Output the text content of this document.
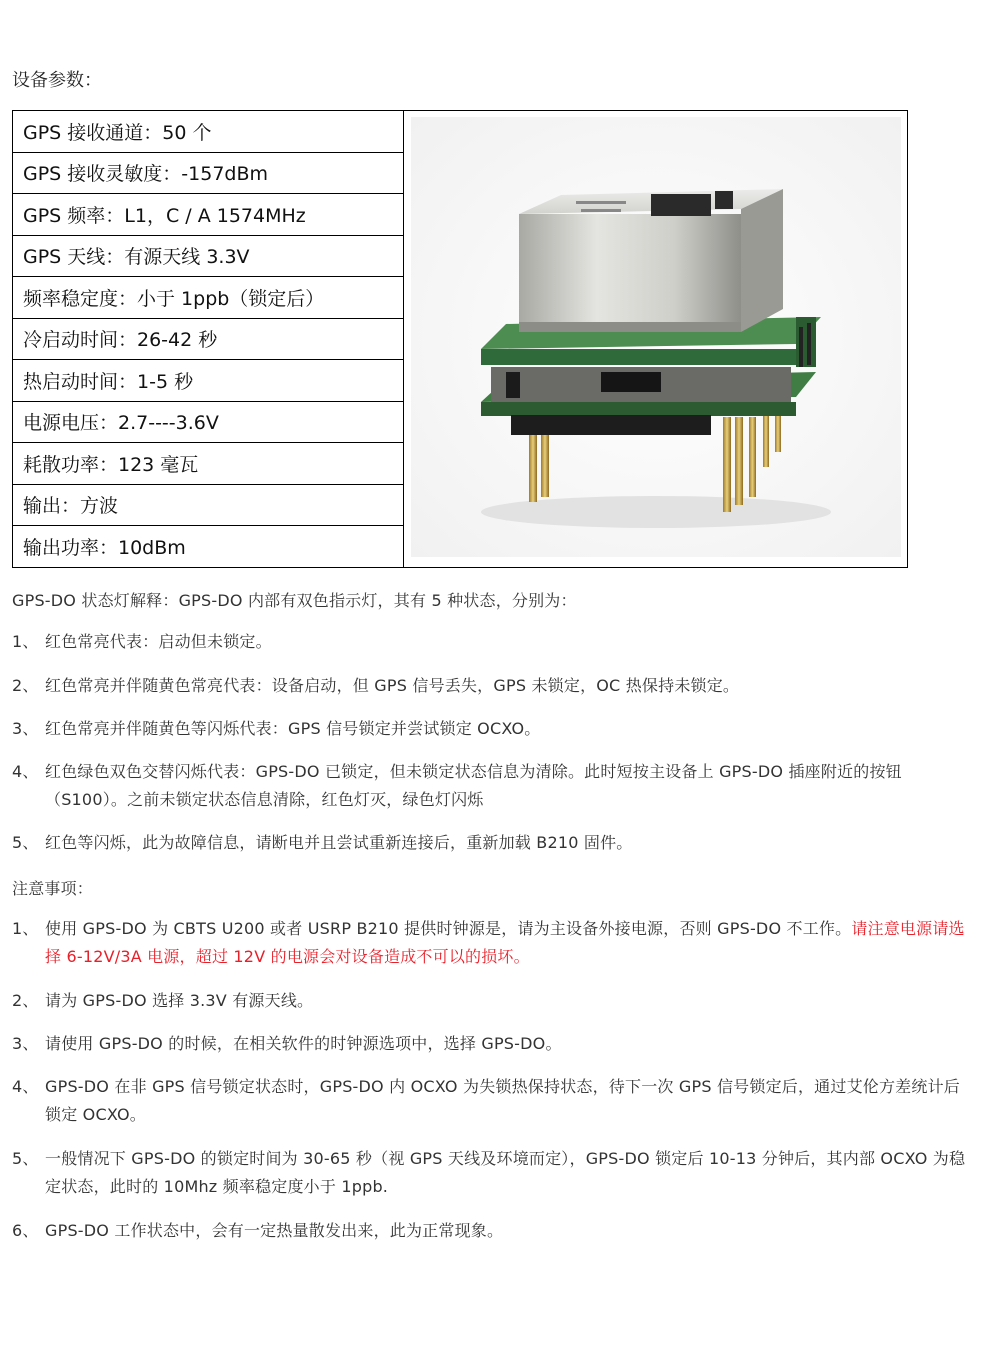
设备参数：
GPS 接收通道：50 个	
GPS 接收灵敏度：-157dBm
GPS 频率：L1，C / A 1574MHz
GPS 天线：有源天线 3.3V
频率稳定度：小于 1ppb（锁定后）
冷启动时间：26-42 秒
热启动时间：1-5 秒
电源电压：2.7----3.6V
耗散功率：123 毫瓦
输出：方波
输出功率：10dBm
GPS-DO 状态灯解释：GPS-DO 内部有双色指示灯，其有 5 种状态，分别为：
1、 红色常亮代表：启动但未锁定。
2、 红色常亮并伴随黄色常亮代表：设备启动，但 GPS 信号丢失，GPS 未锁定，OC 热保持未锁定。
3、 红色常亮并伴随黄色等闪烁代表：GPS 信号锁定并尝试锁定 OCXO。
4、 红色绿色双色交替闪烁代表：GPS-DO 已锁定，但未锁定状态信息为清除。此时短按主设备上 GPS-DO 插座附近的按钮（S100）。之前未锁定状态信息清除，红色灯灭，绿色灯闪烁
5、 红色等闪烁，此为故障信息，请断电并且尝试重新连接后，重新加载 B210 固件。
注意事项：
1、 使用 GPS-DO 为 CBTS U200 或者 USRP B210 提供时钟源是，请为主设备外接电源，否则 GPS-DO 不工作。请注意电源请选择 6-12V/3A 电源，超过 12V 的电源会对设备造成不可以的损坏。
2、 请为 GPS-DO 选择 3.3V 有源天线。
3、 请使用 GPS-DO 的时候，在相关软件的时钟源选项中，选择 GPS-DO。
4、 GPS-DO 在非 GPS 信号锁定状态时，GPS-DO 内 OCXO 为失锁热保持状态，待下一次 GPS 信号锁定后，通过艾伦方差统计后锁定 OCXO。
5、 一般情况下 GPS-DO 的锁定时间为 30-65 秒（视 GPS 天线及环境而定），GPS-DO 锁定后 10-13 分钟后，其内部 OCXO 为稳定状态，此时的 10Mhz 频率稳定度小于 1ppb.
6、 GPS-DO 工作状态中，会有一定热量散发出来，此为正常现象。
